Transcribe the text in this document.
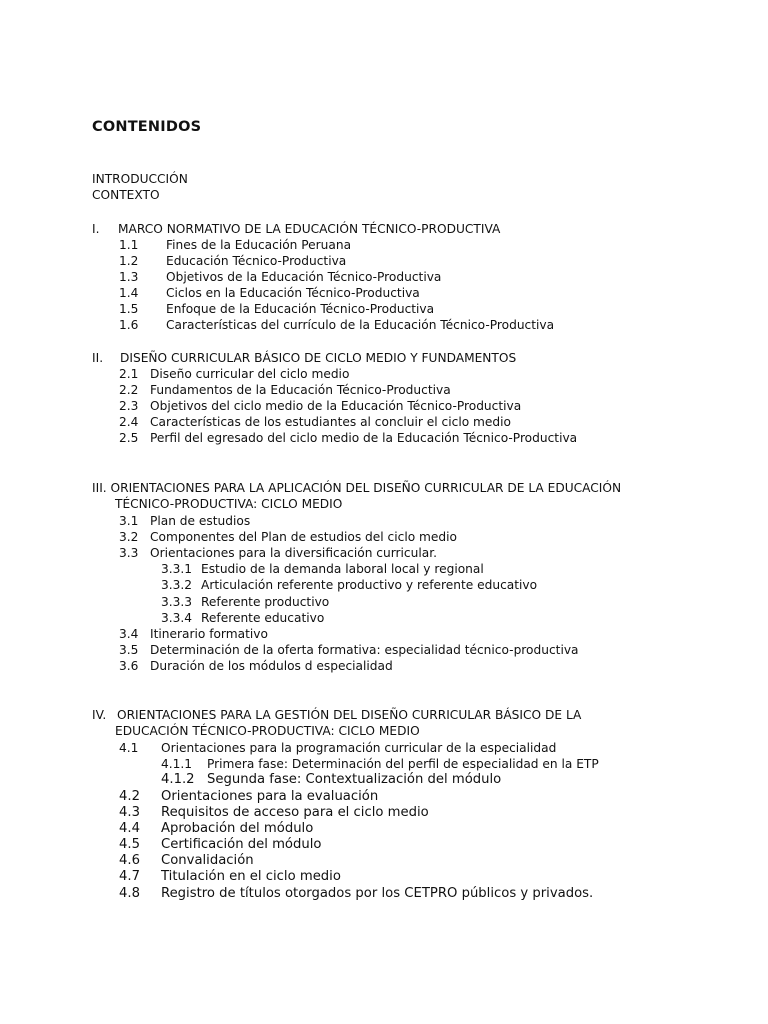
CONTENIDOS
INTRODUCCIÓN
CONTEXTO
I. MARCO NORMATIVO DE LA EDUCACIÓN TÉCNICO-PRODUCTIVA
1.1 Fines de la Educación Peruana
1.2 Educación Técnico-Productiva
1.3 Objetivos de la Educación Técnico-Productiva
1.4 Ciclos en la Educación Técnico-Productiva
1.5 Enfoque de la Educación Técnico-Productiva
1.6 Características del currículo de la Educación Técnico-Productiva
II. DISEÑO CURRICULAR BÁSICO DE CICLO MEDIO Y FUNDAMENTOS
2.1 Diseño curricular del ciclo medio
2.2 Fundamentos de la Educación Técnico-Productiva
2.3 Objetivos del ciclo medio de la Educación Técnico-Productiva
2.4 Características de los estudiantes al concluir el ciclo medio
2.5 Perfil del egresado del ciclo medio de la Educación Técnico-Productiva
III. ORIENTACIONES PARA LA APLICACIÓN DEL DISEÑO CURRICULAR DE LA EDUCACIÓN
TÉCNICO-PRODUCTIVA: CICLO MEDIO
3.1 Plan de estudios
3.2 Componentes del Plan de estudios del ciclo medio
3.3 Orientaciones para la diversificación curricular.
3.3.1 Estudio de la demanda laboral local y regional
3.3.2 Articulación referente productivo y referente educativo
3.3.3 Referente productivo
3.3.4 Referente educativo
3.4 Itinerario formativo
3.5 Determinación de la oferta formativa: especialidad técnico-productiva
3.6 Duración de los módulos d especialidad
IV. ORIENTACIONES PARA LA GESTIÓN DEL DISEÑO CURRICULAR BÁSICO DE LA
EDUCACIÓN TÉCNICO-PRODUCTIVA: CICLO MEDIO
4.1 Orientaciones para la programación curricular de la especialidad
4.1.1 Primera fase: Determinación del perfil de especialidad en la ETP
4.1.2 Segunda fase: Contextualización del módulo
4.2 Orientaciones para la evaluación
4.3 Requisitos de acceso para el ciclo medio
4.4 Aprobación del módulo
4.5 Certificación del módulo
4.6 Convalidación
4.7 Titulación en el ciclo medio
4.8 Registro de títulos otorgados por los CETPRO públicos y privados.
